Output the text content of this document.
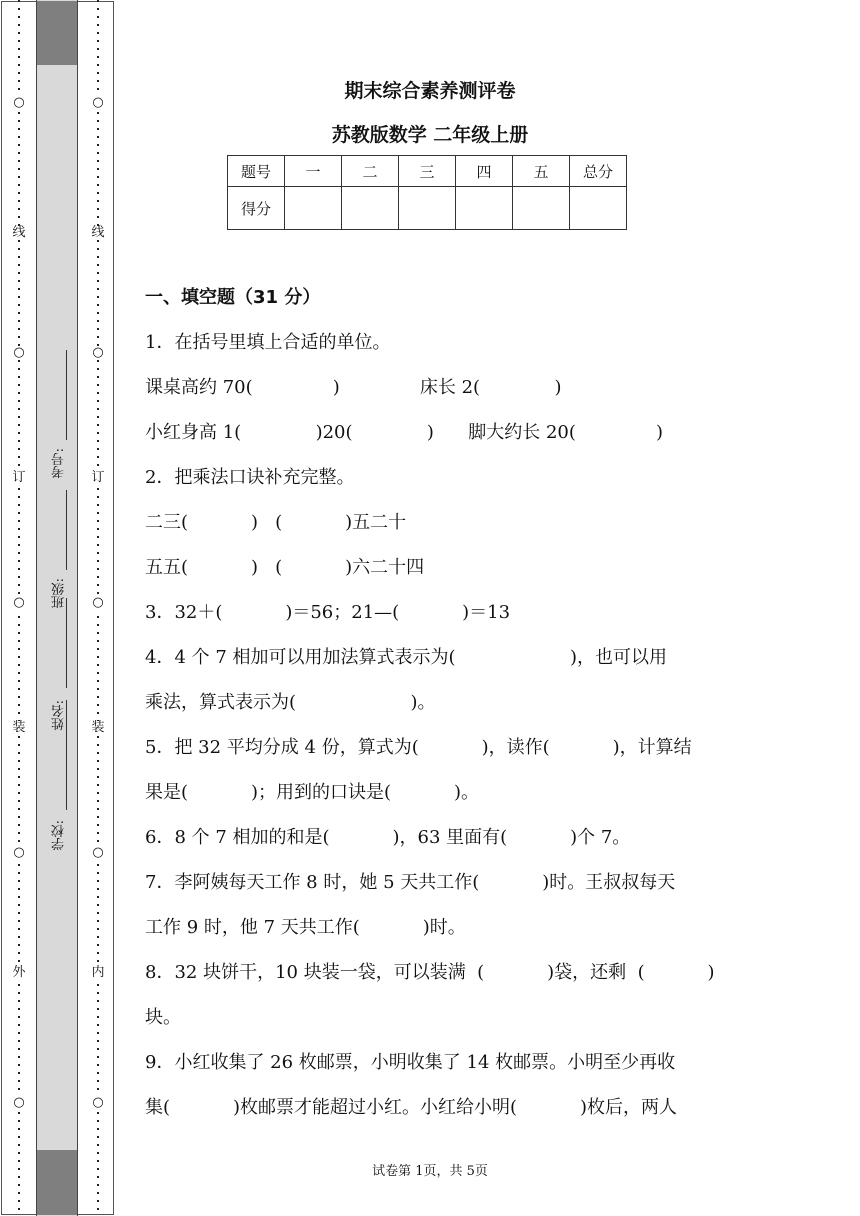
○
线
○
订
○
装
○
外
○
○
线
○
订
○
装
○
内
○
学校:
姓名:
班级:
考号:
期末综合素养测评卷
苏教版数学 二年级上册
题号	一	二	三	四	五	总分
得分						
一、填空题（31 分）
1．在括号里填上合适的单位。
课桌高约 70(              )              床长 2(             )
小红身高 1(             )20(             )      脚大约长 20(              )
2．把乘法口诀补充完整。
二三(           )   (           )五二十
五五(           )   (           )六二十四
3．32＋(           )＝56；21—(           )＝13
4．4 个 7 相加可以用加法算式表示为(                    )，也可以用
乘法，算式表示为(                    )。
5．把 32 平均分成 4 份，算式为(           )，读作(           )，计算结
果是(           )；用到的口诀是(           )。
6．8 个 7 相加的和是(           )，63 里面有(           )个 7。
7．李阿姨每天工作 8 时，她 5 天共工作(           )时。王叔叔每天
工作 9 时，他 7 天共工作(           )时。
8．32 块饼干，10 块装一袋，可以装满  (           )袋，还剩  (           )
块。
9．小红收集了 26 枚邮票，小明收集了 14 枚邮票。小明至少再收
集(           )枚邮票才能超过小红。小红给小明(           )枚后，两人
试卷第 1页，共 5页
